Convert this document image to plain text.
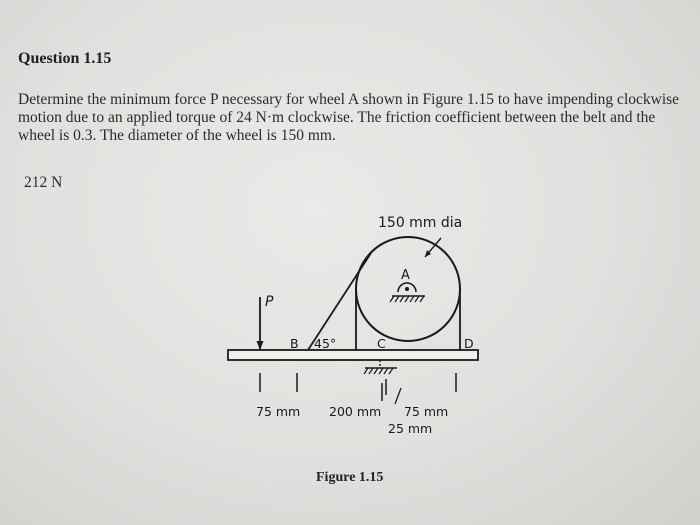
Question 1.15
Determine the minimum force P necessary for wheel A shown in Figure 1.15 to have impending clockwise motion due to an applied torque of 24 N·m clockwise. The friction coefficient between the belt and the wheel is 0.3. The diameter of the wheel is 150 mm.
212 N
150 mm dia
A
P
B 45°	C	D
75 mm 200 mm 75 mm
25 mm
Figure 1.15
